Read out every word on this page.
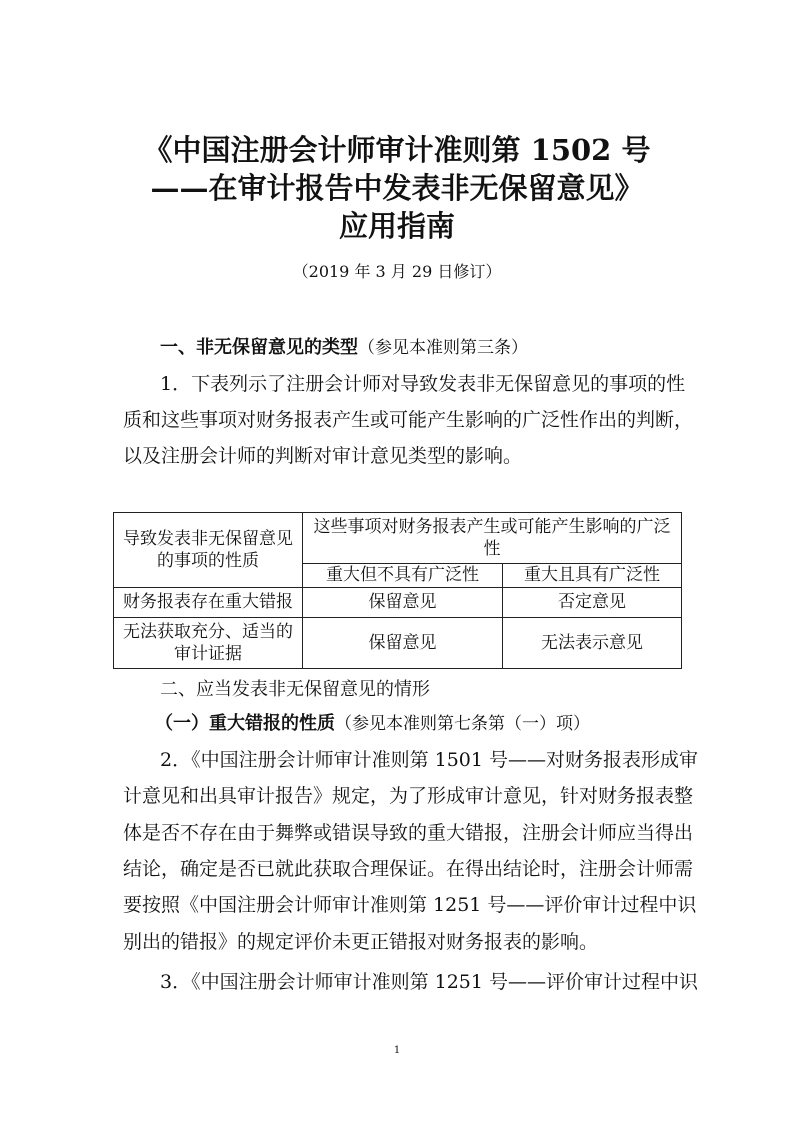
《中国注册会计师审计准则第 1502 号
——在审计报告中发表非无保留意见》
应用指南
（2019 年 3 月 29 日修订）
一、非无保留意见的类型（参见本准则第三条）
1．下表列示了注册会计师对导致发表非无保留意见的事项的性
质和这些事项对财务报表产生或可能产生影响的广泛性作出的判断，
以及注册会计师的判断对审计意见类型的影响。
导致发表非无保留意见的事项的性质	这些事项对财务报表产生或可能产生影响的广泛性	
	重大但不具有广泛性	重大且具有广泛性
财务报表存在重大错报	保留意见	否定意见
无法获取充分、适当的审计证据	保留意见	无法表示意见
二、应当发表非无保留意见的情形
（一）重大错报的性质（参见本准则第七条第（一）项）
2．《中国注册会计师审计准则第 1501 号——对财务报表形成审
计意见和出具审计报告》规定，为了形成审计意见，针对财务报表整
体是否不存在由于舞弊或错误导致的重大错报，注册会计师应当得出
结论，确定是否已就此获取合理保证。在得出结论时，注册会计师需
要按照《中国注册会计师审计准则第 1251 号——评价审计过程中识
别出的错报》的规定评价未更正错报对财务报表的影响。
3．《中国注册会计师审计准则第 1251 号——评价审计过程中识
1
